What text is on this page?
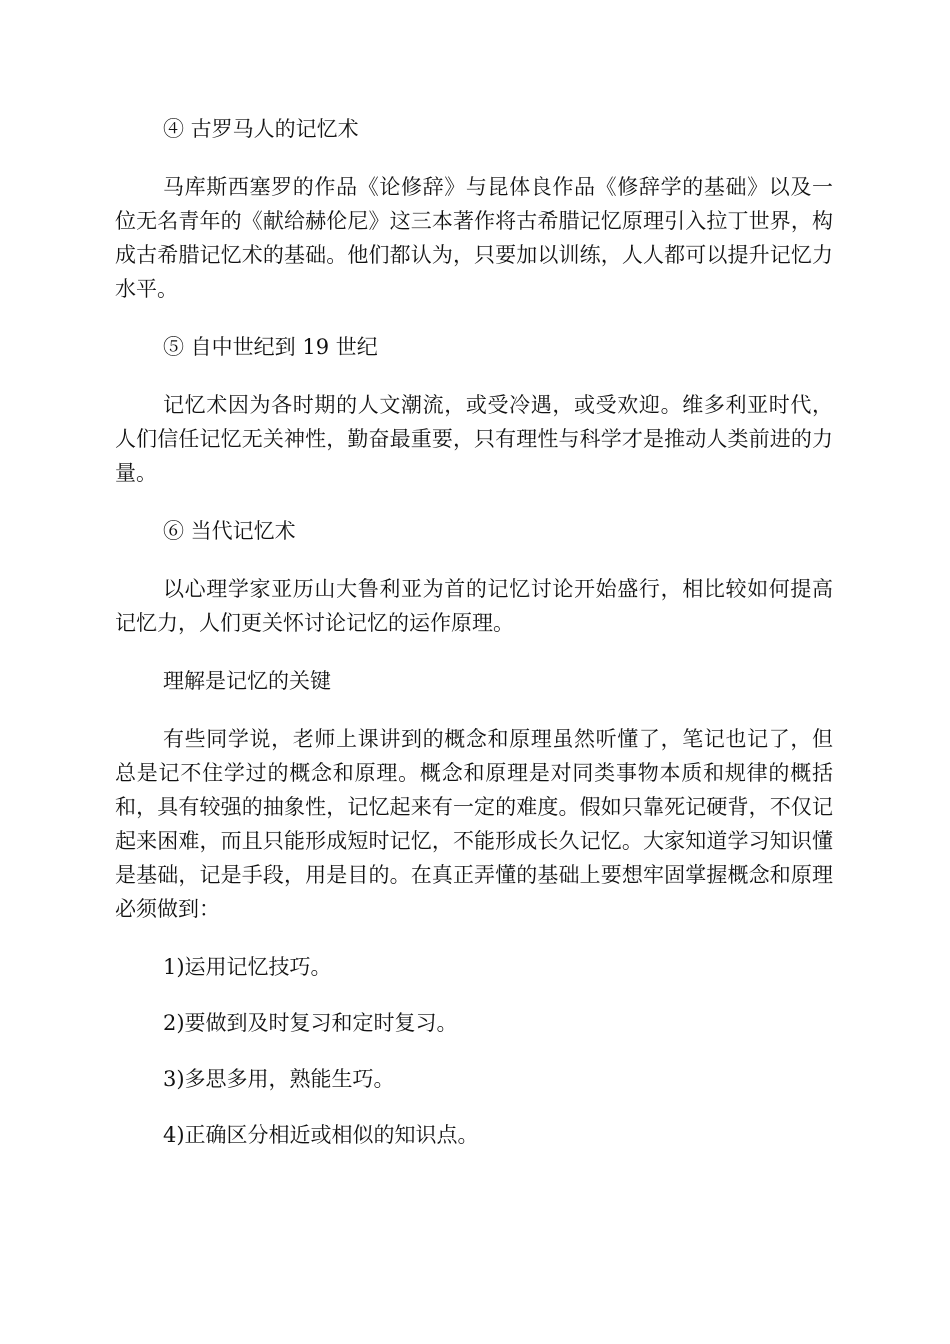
④ 古罗马人的记忆术

马库斯西塞罗的作品《论修辞》与昆体良作品《修辞学的基础》以及一位无名青年的《献给赫伦尼》这三本著作将古希腊记忆原理引入拉丁世界，构成古希腊记忆术的基础。他们都认为，只要加以训练，人人都可以提升记忆力水平。

⑤ 自中世纪到 19 世纪

记忆术因为各时期的人文潮流，或受冷遇，或受欢迎。维多利亚时代，人们信任记忆无关神性，勤奋最重要，只有理性与科学才是推动人类前进的力量。

⑥ 当代记忆术

以心理学家亚历山大鲁利亚为首的记忆讨论开始盛行，相比较如何提高记忆力，人们更关怀讨论记忆的运作原理。

理解是记忆的关键

有些同学说，老师上课讲到的概念和原理虽然听懂了，笔记也记了，但总是记不住学过的概念和原理。概念和原理是对同类事物本质和规律的概括和，具有较强的抽象性，记忆起来有一定的难度。假如只靠死记硬背，不仅记起来困难，而且只能形成短时记忆，不能形成长久记忆。大家知道学习知识懂是基础，记是手段，用是目的。在真正弄懂的基础上要想牢固掌握概念和原理必须做到：

1)运用记忆技巧。

2)要做到及时复习和定时复习。

3)多思多用，熟能生巧。

4)正确区分相近或相似的知识点。
